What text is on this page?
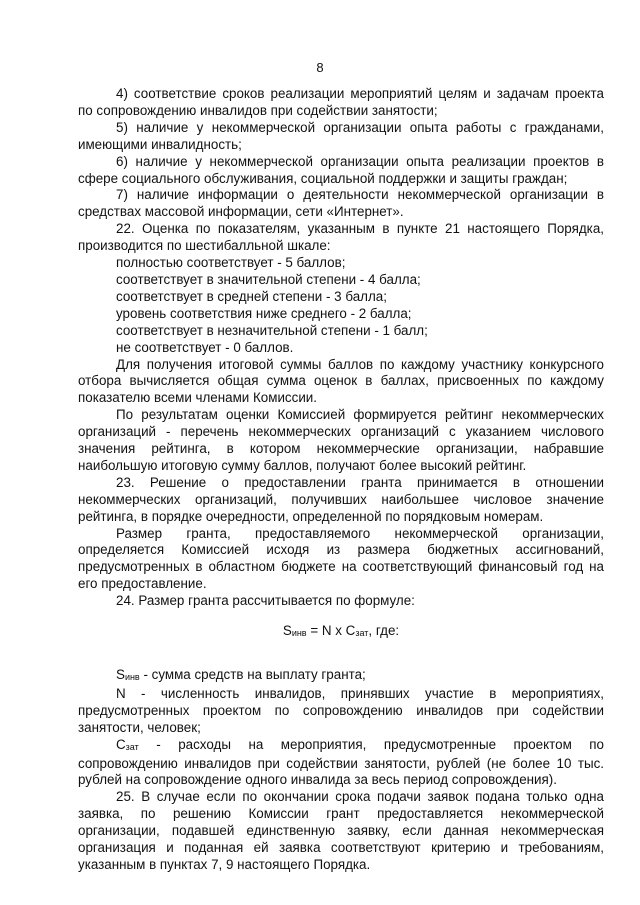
8

4) соответствие сроков реализации мероприятий целям и задачам проекта по сопровождению инвалидов при содействии занятости;

5) наличие у некоммерческой организации опыта работы с гражданами, имеющими инвалидность;

6) наличие у некоммерческой организации опыта реализации проектов в сфере социального обслуживания, социальной поддержки и защиты граждан;

7) наличие информации о деятельности некоммерческой организации в средствах массовой информации, сети «Интернет».

22. Оценка по показателям, указанным в пункте 21 настоящего Порядка, производится по шестибалльной шкале:

полностью соответствует - 5 баллов;

соответствует в значительной степени - 4 балла;

соответствует в средней степени - 3 балла;

уровень соответствия ниже среднего - 2 балла;

соответствует в незначительной степени - 1 балл;

не соответствует - 0 баллов.

Для получения итоговой суммы баллов по каждому участнику конкурсного отбора вычисляется общая сумма оценок в баллах, присвоенных по каждому показателю всеми членами Комиссии.

По результатам оценки Комиссией формируется рейтинг некоммерческих организаций - перечень некоммерческих организаций с указанием числового значения рейтинга, в котором некоммерческие организации, набравшие наибольшую итоговую сумму баллов, получают более высокий рейтинг.

23. Решение о предоставлении гранта принимается в отношении некоммерческих организаций, получивших наибольшее числовое значение рейтинга, в порядке очередности, определенной по порядковым номерам.

Размер гранта, предоставляемого некоммерческой организации, определяется Комиссией исходя из размера бюджетных ассигнований, предусмотренных в областном бюджете на соответствующий финансовый год на его предоставление.

24. Размер гранта рассчитывается по формуле:

Sинв = N x Cзат, где:

Sинв - сумма средств на выплату гранта;

N - численность инвалидов, принявших участие в мероприятиях, предусмотренных проектом по сопровождению инвалидов при содействии занятости, человек;

Cзат - расходы на мероприятия, предусмотренные проектом по сопровождению инвалидов при содействии занятости, рублей (не более 10 тыс. рублей на сопровождение одного инвалида за весь период сопровождения).

25. В случае если по окончании срока подачи заявок подана только одна заявка, по решению Комиссии грант предоставляется некоммерческой организации, подавшей единственную заявку, если данная некоммерческая организация и поданная ей заявка соответствуют критерию и требованиям, указанным в пунктах 7, 9 настоящего Порядка.
